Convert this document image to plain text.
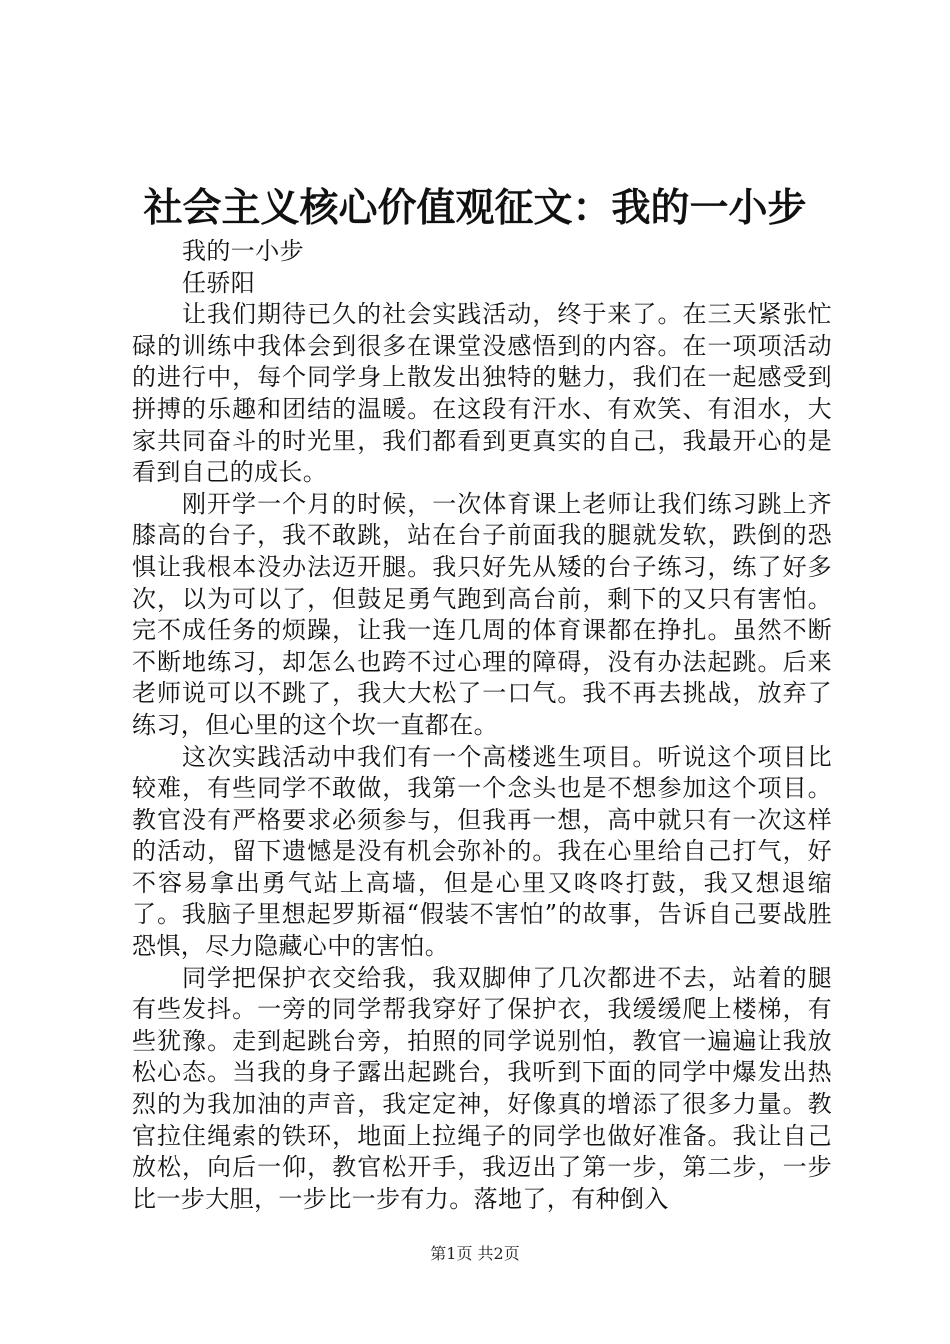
社会主义核心价值观征文：我的一小步

我的一小步

任骄阳

让我们期待已久的社会实践活动，终于来了。在三天紧张忙碌的训练中我体会到很多在课堂没感悟到的内容。在一项项活动的进行中，每个同学身上散发出独特的魅力，我们在一起感受到拼搏的乐趣和团结的温暖。在这段有汗水、有欢笑、有泪水，大家共同奋斗的时光里，我们都看到更真实的自己，我最开心的是看到自己的成长。

刚开学一个月的时候，一次体育课上老师让我们练习跳上齐膝高的台子，我不敢跳，站在台子前面我的腿就发软，跌倒的恐惧让我根本没办法迈开腿。我只好先从矮的台子练习，练了好多次，以为可以了，但鼓足勇气跑到高台前，剩下的又只有害怕。完不成任务的烦躁，让我一连几周的体育课都在挣扎。虽然不断不断地练习，却怎么也跨不过心理的障碍，没有办法起跳。后来老师说可以不跳了，我大大松了一口气。我不再去挑战，放弃了练习，但心里的这个坎一直都在。

这次实践活动中我们有一个高楼逃生项目。听说这个项目比较难，有些同学不敢做，我第一个念头也是不想参加这个项目。教官没有严格要求必须参与，但我再一想，高中就只有一次这样的活动，留下遗憾是没有机会弥补的。我在心里给自己打气，好不容易拿出勇气站上高墙，但是心里又咚咚打鼓，我又想退缩了。我脑子里想起罗斯福“假装不害怕”的故事，告诉自己要战胜恐惧，尽力隐藏心中的害怕。

同学把保护衣交给我，我双脚伸了几次都进不去，站着的腿有些发抖。一旁的同学帮我穿好了保护衣，我缓缓爬上楼梯，有些犹豫。走到起跳台旁，拍照的同学说别怕，教官一遍遍让我放松心态。当我的身子露出起跳台，我听到下面的同学中爆发出热烈的为我加油的声音，我定定神，好像真的增添了很多力量。教官拉住绳索的铁环，地面上拉绳子的同学也做好准备。我让自己放松，向后一仰，教官松开手，我迈出了第一步，第二步，一步比一步大胆，一步比一步有力。落地了，有种倒入

第1页 共2页
